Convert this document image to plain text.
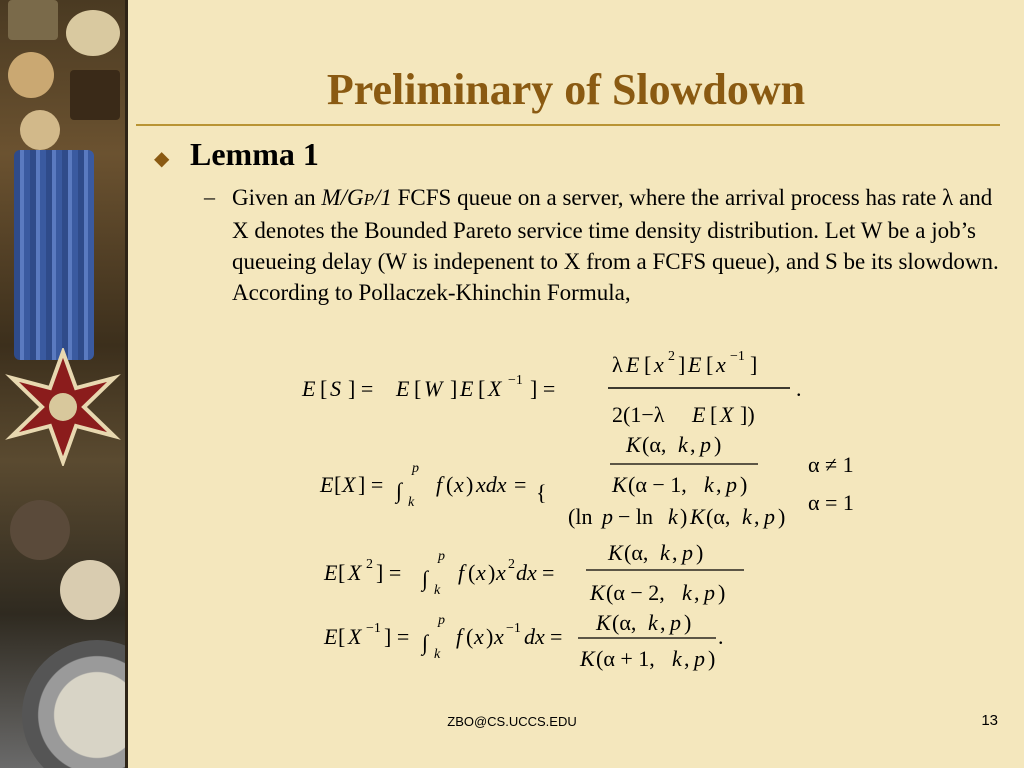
Preliminary of Slowdown
◆ Lemma 1
– Given an M/GP/1 FCFS queue on a server, where the arrival process has rate λ and X denotes the Bounded Pareto service time density distribution. Let W be a job’s queueing delay (W is indepenent to X from a FCFS queue), and S be its slowdown. According to Pollaczek-Khinchin Formula,
E [ S ] = E [ W ] E [ X −1 ] =
λ E [ x 2 ] E [ x −1 ]
2(1−λ E [ X ])
.
E [ X ] = ∫
p
k
f ( x ) xdx = {
K (α, k , p )
K (α − 1, k , p )
(ln p − ln k ) K (α, k , p )
α ≠ 1
α = 1
E [ X 2 ] = ∫
p
k
f ( x ) x 2 dx =
K (α, k , p )
K (α − 2, k , p )
E [ X −1 ] = ∫
p
k
f ( x ) x −1 dx =
K (α, k , p )
K (α + 1, k , p )
.
ZBO@CS.UCCS.EDU	13
